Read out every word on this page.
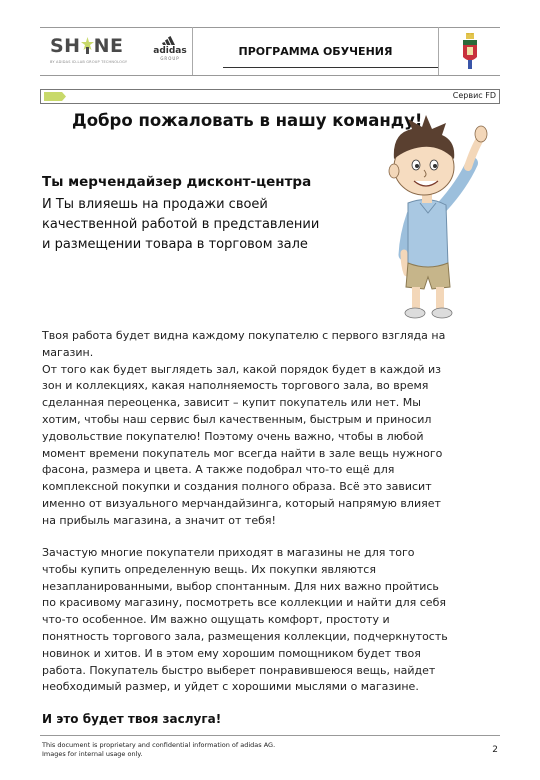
SH NE
BY ADIDAS ID-LAB GROUP TECHNOLOGY
adidas
GROUP
ПРОГРАММА ОБУЧЕНИЯ
Сервис FD
Добро пожаловать в нашу команду!
Ты мерчендайзер дисконт-центра
И Ты влияешь на продажи своей
качественной работой в представлении
и размещении товара в торговом зале
Твоя работа будет видна каждому покупателю с первого взгляда на
магазин.
От того как будет выглядеть зал, какой порядок будет в каждой из
зон и коллекциях, какая наполняемость торгового зала, во время
сделанная переоценка, зависит – купит покупатель или нет. Мы
хотим, чтобы наш сервис был качественным, быстрым и приносил
удовольствие покупателю! Поэтому очень важно, чтобы в любой
момент времени покупатель мог всегда найти в зале вещь нужного
фасона, размера и цвета. А также подобрал что-то ещё для
комплексной покупки и создания полного образа. Всё это зависит
именно от визуального мерчандайзинга, который напрямую влияет
на прибыль магазина, а значит от тебя!
Зачастую многие покупатели приходят в магазины не для того
чтобы купить определенную вещь. Их покупки являются
незапланированными, выбор спонтанным. Для них важно пройтись
по красивому магазину, посмотреть все коллекции и найти для себя
что-то особенное. Им важно ощущать комфорт, простоту и
понятность торгового зала, размещения коллекции, подчеркнутость
новинок и хитов. И в этом ему хорошим помощником будет твоя
работа. Покупатель быстро выберет понравившеюся вещь, найдет
необходимый размер, и уйдет с хорошими мыслями о магазине.
И это будет твоя заслуга!
This document is proprietary and confidential information of adidas AG.
Images for internal usage only.	2
